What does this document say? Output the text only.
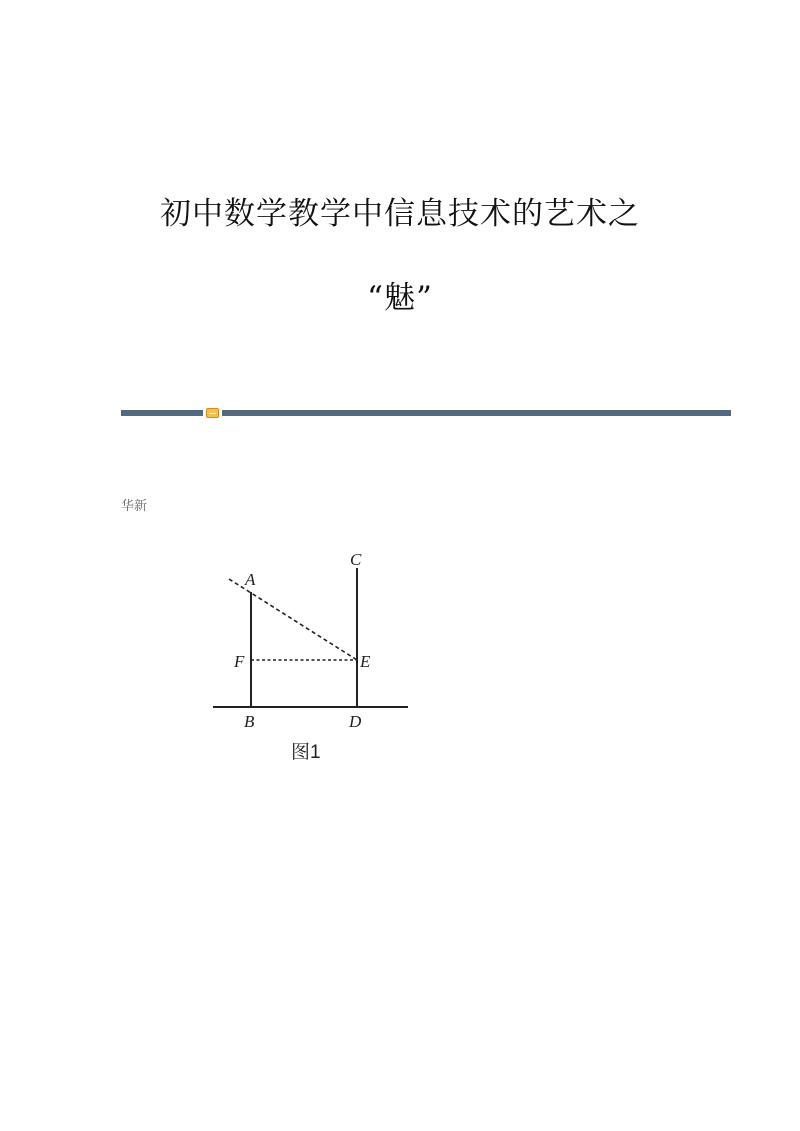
初中数学教学中信息技术的艺术之
“魅”
华新
A
B
C
D
E
F
图1
